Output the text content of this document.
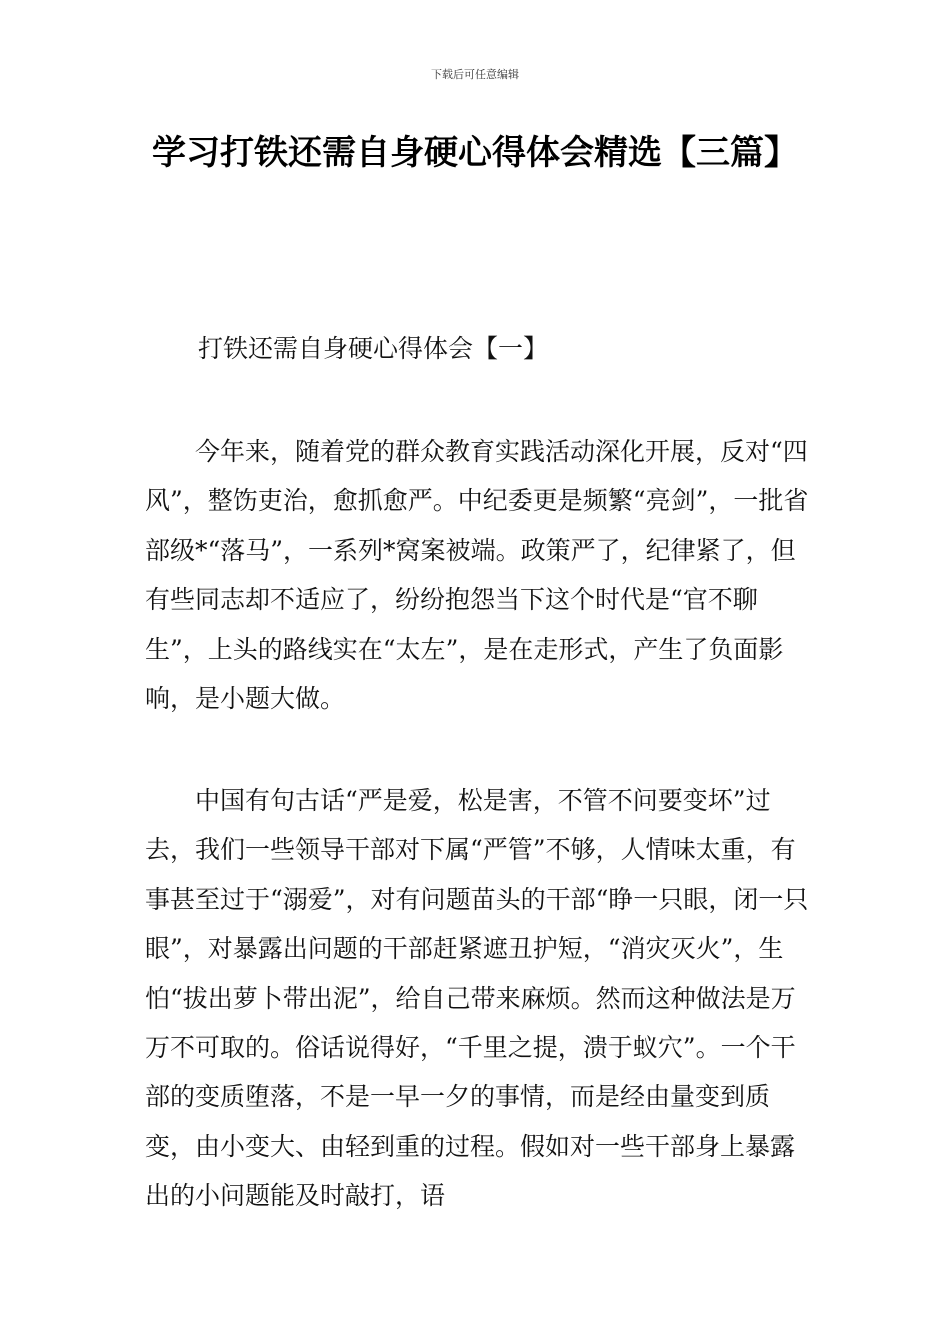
下载后可任意编辑
学习打铁还需自身硬心得体会精选【三篇】
打铁还需自身硬心得体会【一】

今年来，随着党的群众教育实践活动深化开展，反对“四风”，整饬吏治，愈抓愈严。中纪委更是频繁“亮剑”，一批省部级*“落马”，一系列*窝案被端。政策严了，纪律紧了，但有些同志却不适应了，纷纷抱怨当下这个时代是“官不聊生”，上头的路线实在“太左”，是在走形式，产生了负面影响，是小题大做。

中国有句古话“严是爱，松是害，不管不问要变坏”过去，我们一些领导干部对下属“严管”不够，人情味太重，有事甚至过于“溺爱”，对有问题苗头的干部“睁一只眼，闭一只眼”，对暴露出问题的干部赶紧遮丑护短，“消灾灭火”，生怕“拔出萝卜带出泥”，给自己带来麻烦。然而这种做法是万万不可取的。俗话说得好，“千里之提，溃于蚁穴”。一个干部的变质堕落，不是一早一夕的事情，而是经由量变到质变，由小变大、由轻到重的过程。假如对一些干部身上暴露出的小问题能及时敲打，语
